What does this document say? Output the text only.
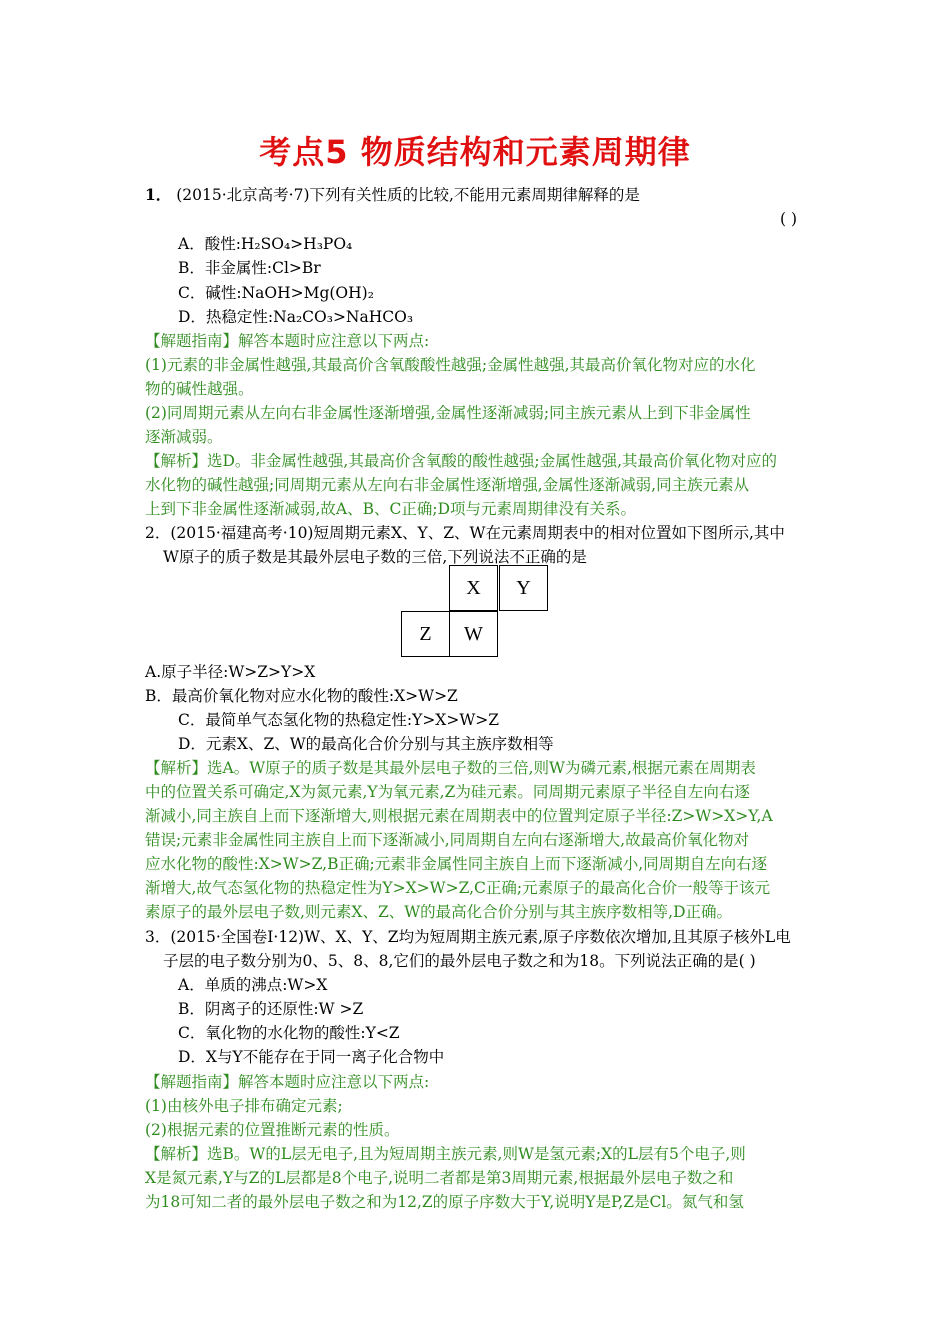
考点5 物质结构和元素周期律
1． (2015·北京高考·7)下列有关性质的比较,不能用元素周期律解释的是
( )
A．酸性:H₂SO₄>H₃PO₄
B．非金属性:Cl>Br
C．碱性:NaOH>Mg(OH)₂
D．热稳定性:Na₂CO₃>NaHCO₃
【解题指南】解答本题时应注意以下两点:
(1)元素的非金属性越强,其最高价含氧酸酸性越强;金属性越强,其最高价氧化物对应的水化
物的碱性越强。
(2)同周期元素从左向右非金属性逐渐增强,金属性逐渐减弱;同主族元素从上到下非金属性
逐渐减弱。
【解析】选D。非金属性越强,其最高价含氧酸的酸性越强;金属性越强,其最高价氧化物对应的
水化物的碱性越强;同周期元素从左向右非金属性逐渐增强,金属性逐渐减弱,同主族元素从
上到下非金属性逐渐减弱,故A、B、C正确;D项与元素周期律没有关系。
2．(2015·福建高考·10)短周期元素X、Y、Z、W在元素周期表中的相对位置如下图所示,其中
W原子的质子数是其最外层电子数的三倍,下列说法不正确的是
X	Y
Z	W
A.原子半径:W>Z>Y>X
B．最高价氧化物对应水化物的酸性:X>W>Z
C．最简单气态氢化物的热稳定性:Y>X>W>Z
D．元素X、Z、W的最高化合价分别与其主族序数相等
【解析】选A。W原子的质子数是其最外层电子数的三倍,则W为磷元素,根据元素在周期表
中的位置关系可确定,X为氮元素,Y为氧元素,Z为硅元素。同周期元素原子半径自左向右逐
渐减小,同主族自上而下逐渐增大,则根据元素在周期表中的位置判定原子半径:Z>W>X>Y,A
错误;元素非金属性同主族自上而下逐渐减小,同周期自左向右逐渐增大,故最高价氧化物对
应水化物的酸性:X>W>Z,B正确;元素非金属性同主族自上而下逐渐减小,同周期自左向右逐
渐增大,故气态氢化物的热稳定性为Y>X>W>Z,C正确;元素原子的最高化合价一般等于该元
素原子的最外层电子数,则元素X、Z、W的最高化合价分别与其主族序数相等,D正确。
3．(2015·全国卷Ⅰ·12)W、X、Y、Z均为短周期主族元素,原子序数依次增加,且其原子核外L电
子层的电子数分别为0、5、8、8,它们的最外层电子数之和为18。下列说法正确的是( )
A．单质的沸点:W>X
B．阴离子的还原性:W >Z
C．氧化物的水化物的酸性:Y<Z
D．X与Y不能存在于同一离子化合物中
【解题指南】解答本题时应注意以下两点:
(1)由核外电子排布确定元素;
(2)根据元素的位置推断元素的性质。
【解析】选B。W的L层无电子,且为短周期主族元素,则W是氢元素;X的L层有5个电子,则
X是氮元素,Y与Z的L层都是8个电子,说明二者都是第3周期元素,根据最外层电子数之和
为18可知二者的最外层电子数之和为12,Z的原子序数大于Y,说明Y是P,Z是Cl。氮气和氢
